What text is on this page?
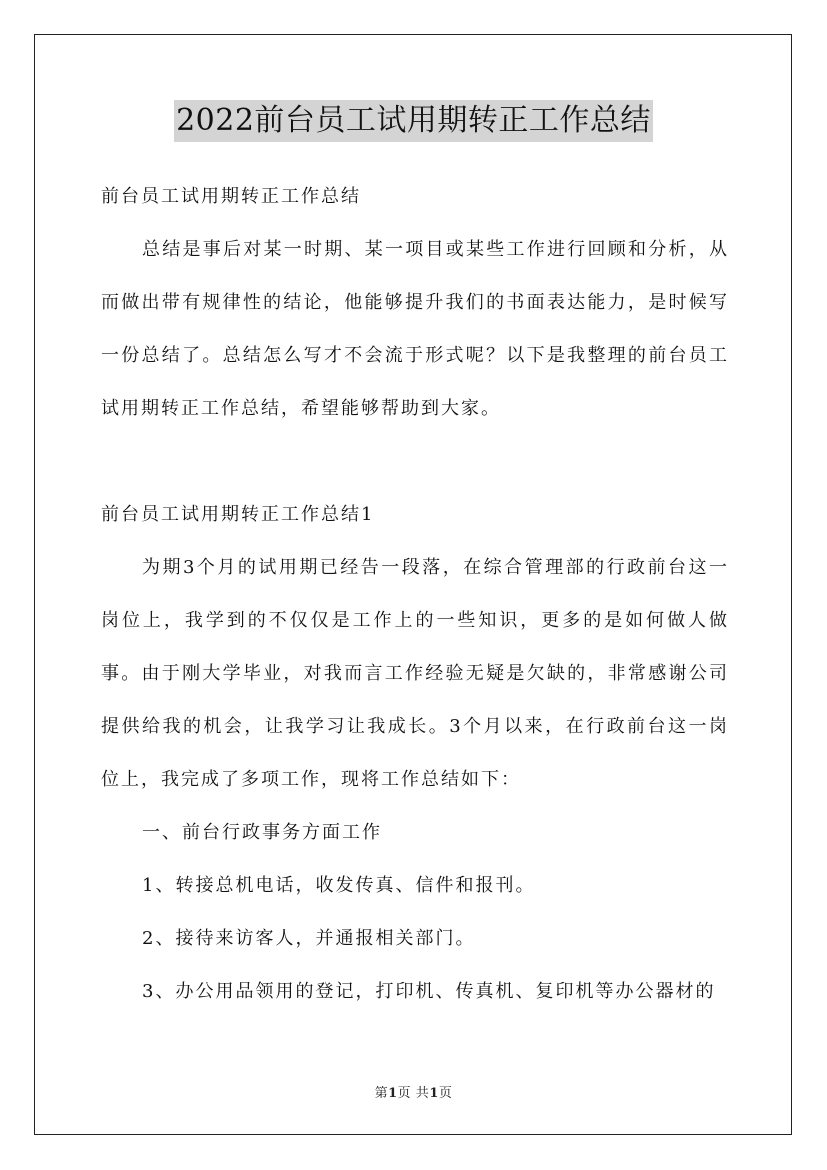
2022前台员工试用期转正工作总结

前台员工试用期转正工作总结

总结是事后对某一时期、某一项目或某些工作进行回顾和分析，从而做出带有规律性的结论，他能够提升我们的书面表达能力，是时候写一份总结了。总结怎么写才不会流于形式呢？以下是我整理的前台员工试用期转正工作总结，希望能够帮助到大家。

前台员工试用期转正工作总结1

为期3个月的试用期已经告一段落，在综合管理部的行政前台这一岗位上，我学到的不仅仅是工作上的一些知识，更多的是如何做人做事。由于刚大学毕业，对我而言工作经验无疑是欠缺的，非常感谢公司提供给我的机会，让我学习让我成长。3个月以来，在行政前台这一岗位上，我完成了多项工作，现将工作总结如下：

一、前台行政事务方面工作

1、转接总机电话，收发传真、信件和报刊。

2、接待来访客人，并通报相关部门。

3、办公用品领用的登记，打印机、传真机、复印机等办公器材的

第1页 共1页
